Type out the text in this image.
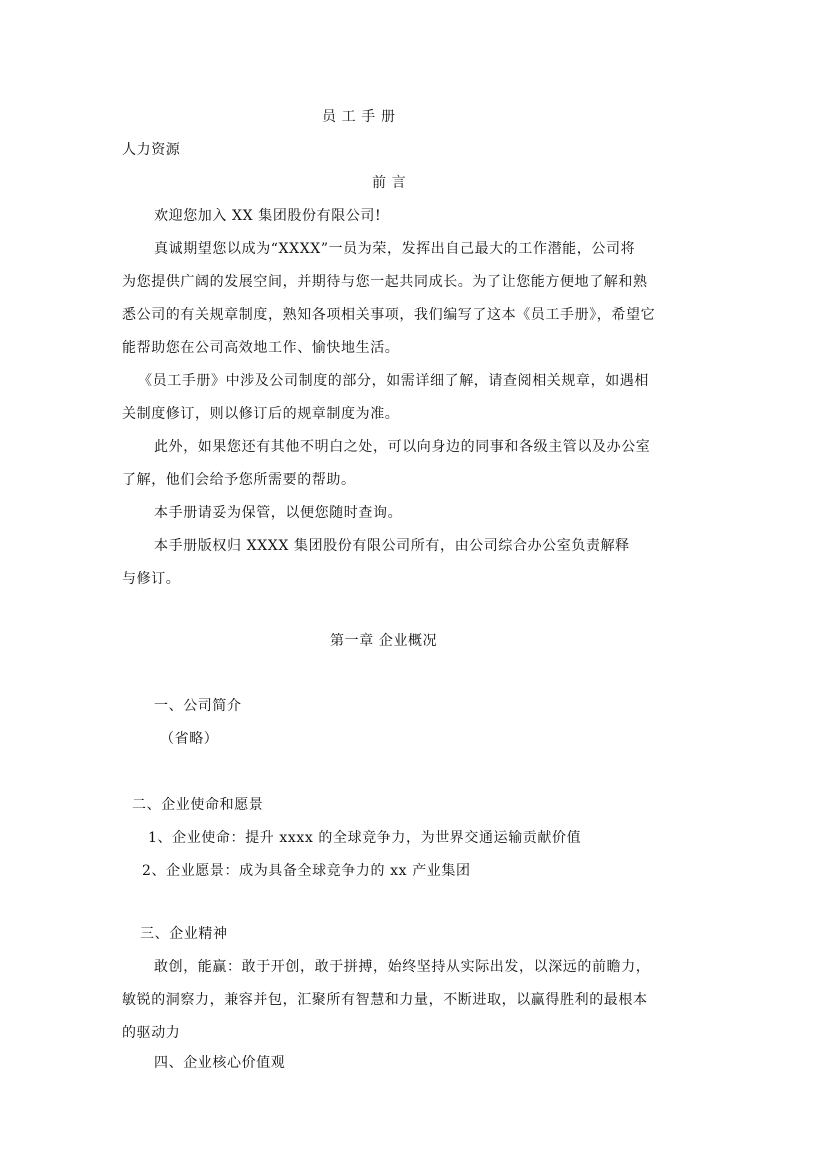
员 工 手 册
人力资源
前 言
欢迎您加入 XX 集团股份有限公司!
真诚期望您以成为“XXXX”一员为荣，发挥出自己最大的工作潜能，公司将
为您提供广阔的发展空间，并期待与您一起共同成长。为了让您能方便地了解和熟
悉公司的有关规章制度，熟知各项相关事项，我们编写了这本《员工手册》，希望它
能帮助您在公司高效地工作、愉快地生活。
《员工手册》中涉及公司制度的部分，如需详细了解，请查阅相关规章，如遇相
关制度修订，则以修订后的规章制度为准。
此外，如果您还有其他不明白之处，可以向身边的同事和各级主管以及办公室
了解，他们会给予您所需要的帮助。
本手册请妥为保管，以便您随时查询。
本手册版权归 XXXX 集团股份有限公司所有，由公司综合办公室负责解释
与修订。
第一章 企业概况
一、公司简介
（省略）
二、企业使命和愿景
1、企业使命：提升 xxxx 的全球竞争力，为世界交通运输贡献价值
2、企业愿景：成为具备全球竞争力的 xx 产业集团
三、企业精神
敢创，能赢：敢于开创，敢于拼搏，始终坚持从实际出发，以深远的前瞻力，
敏锐的洞察力，兼容并包，汇聚所有智慧和力量，不断进取，以赢得胜利的最根本
的驱动力
四、企业核心价值观
